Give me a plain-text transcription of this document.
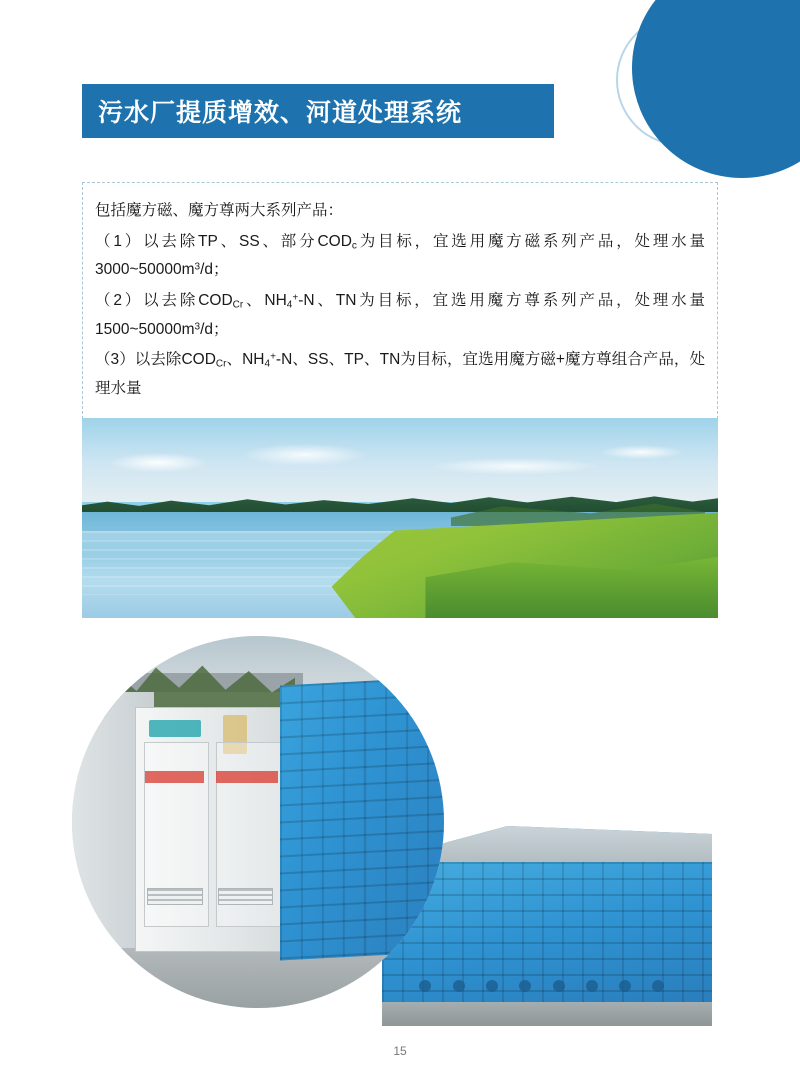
污水厂提质增效、河道处理系统

包括魔方磁、魔方尊两大系列产品：

（1）以去除TP、SS、部分$COD_c$为目标，宜选用魔方磁系列产品，处理水量$3000\sim 50000m^3/d$；

（2）以去除$COD_{Cr}$、$NH_4^+-N$、TN为目标，宜选用魔方尊系列产品，处理水量$1500\sim 50000m^3/d$；

（3）以去除$COD_{Cr}$、$NH_4^+-N$、SS、TP、TN为目标，宜选用魔方磁+魔方尊组合产品，处理水量

15
